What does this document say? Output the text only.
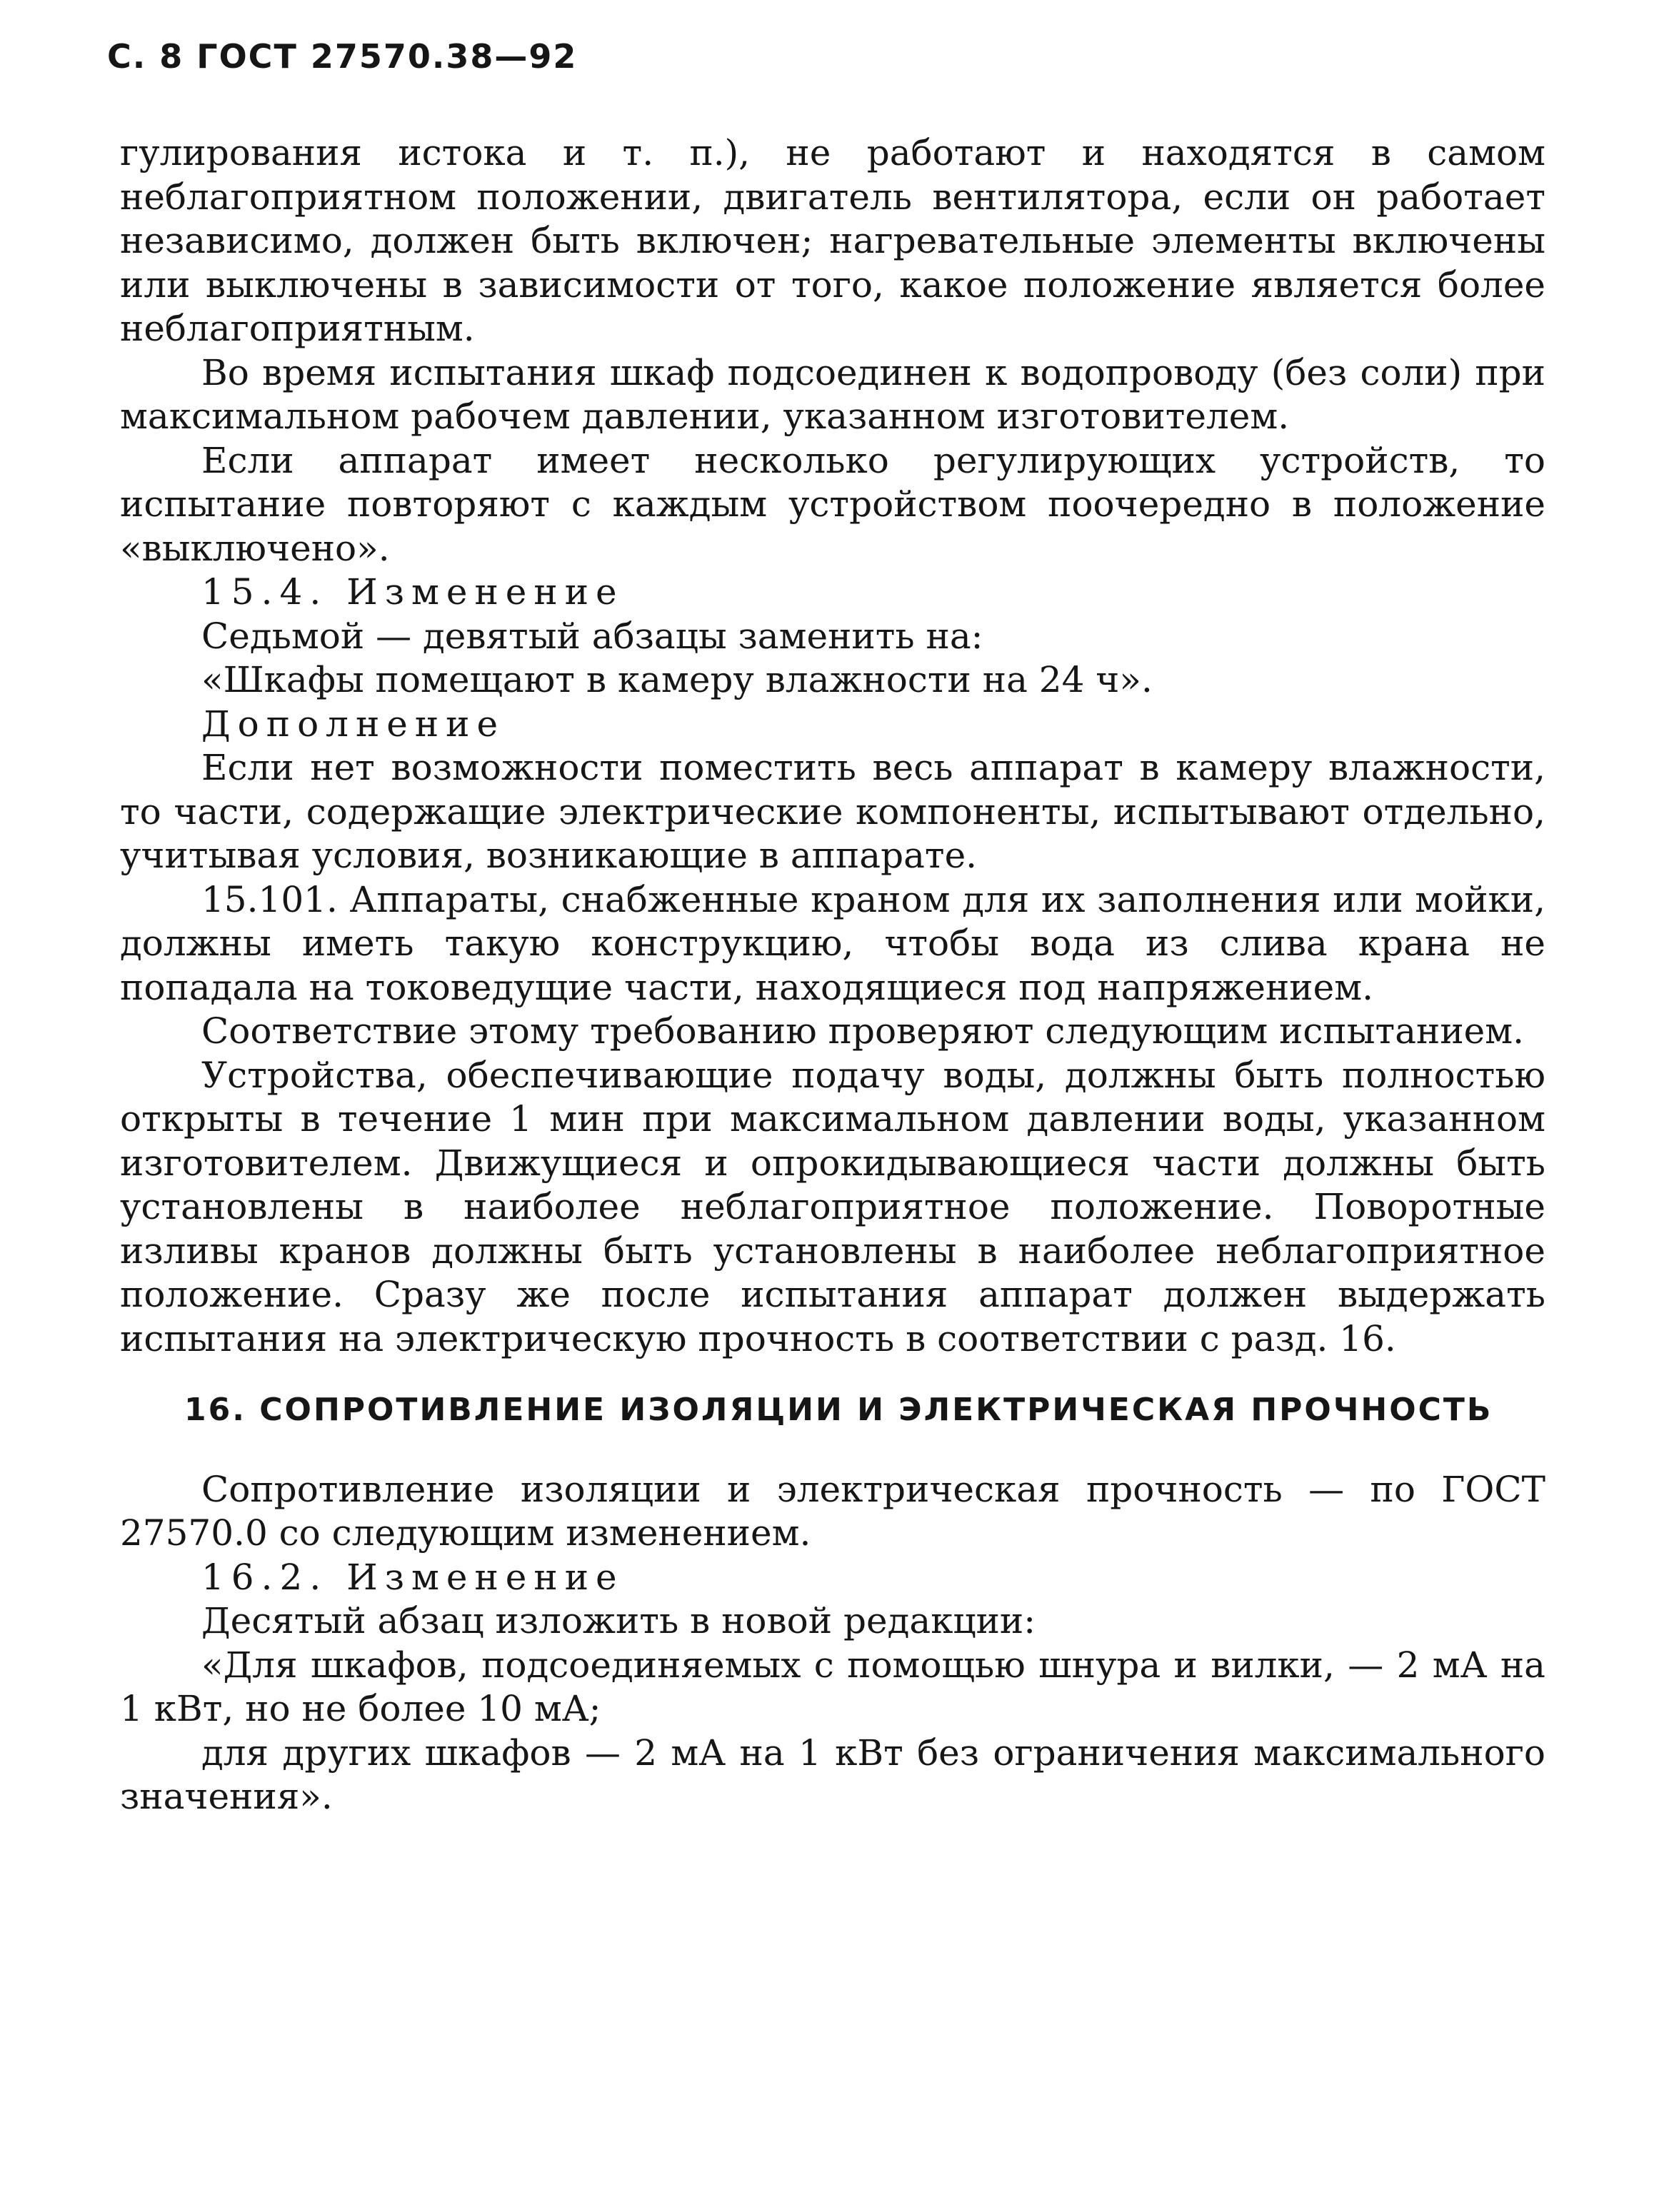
С. 8 ГОСТ 27570.38—92

гулирования истока и т. п.), не работают и находятся в самом неблагоприятном положении, двигатель вентилятора, если он работает независимо, должен быть включен; нагревательные элементы включены или выключены в зависимости от того, какое положение является более неблагоприятным.

Во время испытания шкаф подсоединен к водопроводу (без соли) при максимальном рабочем давлении, указанном изготовителем.

Если аппарат имеет несколько регулирующих устройств, то испытание повторяют с каждым устройством поочередно в положение «выключено».

15.4. Изменение

Седьмой — девятый абзацы заменить на:

«Шкафы помещают в камеру влажности на 24 ч».

Дополнение

Если нет возможности поместить весь аппарат в камеру влажности, то части, содержащие электрические компоненты, испытывают отдельно, учитывая условия, возникающие в аппарате.

15.101. Аппараты, снабженные краном для их заполнения или мойки, должны иметь такую конструкцию, чтобы вода из слива крана не попадала на токоведущие части, находящиеся под напряжением.

Соответствие этому требованию проверяют следующим испытанием.

Устройства, обеспечивающие подачу воды, должны быть полностью открыты в течение 1 мин при максимальном давлении воды, указанном изготовителем. Движущиеся и опрокидывающиеся части должны быть установлены в наиболее неблагоприятное положение. Поворотные изливы кранов должны быть установлены в наиболее неблагоприятное положение. Сразу же после испытания аппарат должен выдержать испытания на электрическую прочность в соответствии с разд. 16.

16. СОПРОТИВЛЕНИЕ ИЗОЛЯЦИИ И ЭЛЕКТРИЧЕСКАЯ ПРОЧНОСТЬ

Сопротивление изоляции и электрическая прочность — по ГОСТ 27570.0 со следующим изменением.

16.2. Изменение

Десятый абзац изложить в новой редакции:

«Для шкафов, подсоединяемых с помощью шнура и вилки, — 2 мА на 1 кВт, но не более 10 мА;

для других шкафов — 2 мА на 1 кВт без ограничения максимального значения».
